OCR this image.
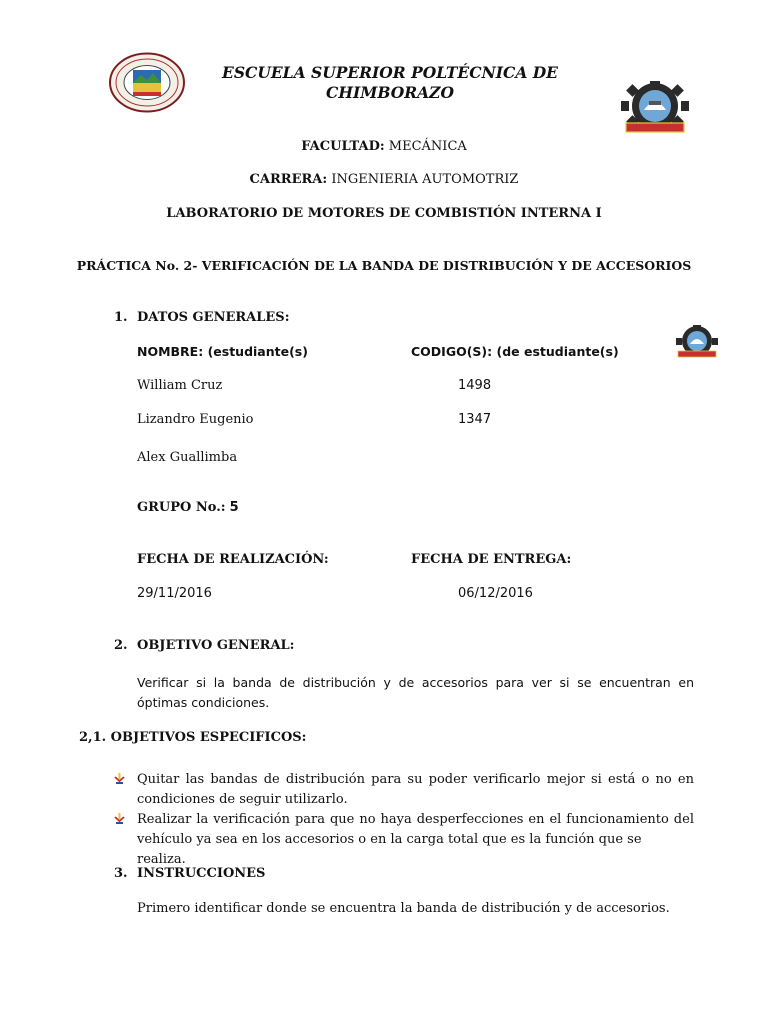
ESCUELA SUPERIOR POLTÉCNICA DE
CHIMBORAZO
FACULTAD: MECÁNICA
CARRERA: INGENIERIA AUTOMOTRIZ
LABORATORIO DE MOTORES DE COMBISTIÓN INTERNA I
PRÁCTICA No. 2- VERIFICACIÓN DE LA BANDA DE DISTRIBUCIÓN Y DE ACCESORIOS
1. DATOS GENERALES:
NOMBRE: (estudiante(s)	CODIGO(S): (de estudiante(s)
William Cruz	1498
Lizandro Eugenio	1347
Alex Guallimba
GRUPO No.: 5
FECHA DE REALIZACIÓN:	FECHA DE ENTREGA:
29/11/2016	06/12/2016
2. OBJETIVO GENERAL:
Verificar si la banda de distribución y de accesorios para ver si se encuentran en
óptimas condiciones.
2,1. OBJETIVOS ESPECIFICOS:
Quitar las bandas de distribución para su poder verificarlo mejor si está o no en
condiciones de seguir utilizarlo.
Realizar la verificación para que no haya desperfecciones en el funcionamiento del
vehículo ya sea en los accesorios o en la carga total que es la función que se realiza.
3. INSTRUCCIONES
Primero identificar donde se encuentra la banda de distribución y de accesorios.
